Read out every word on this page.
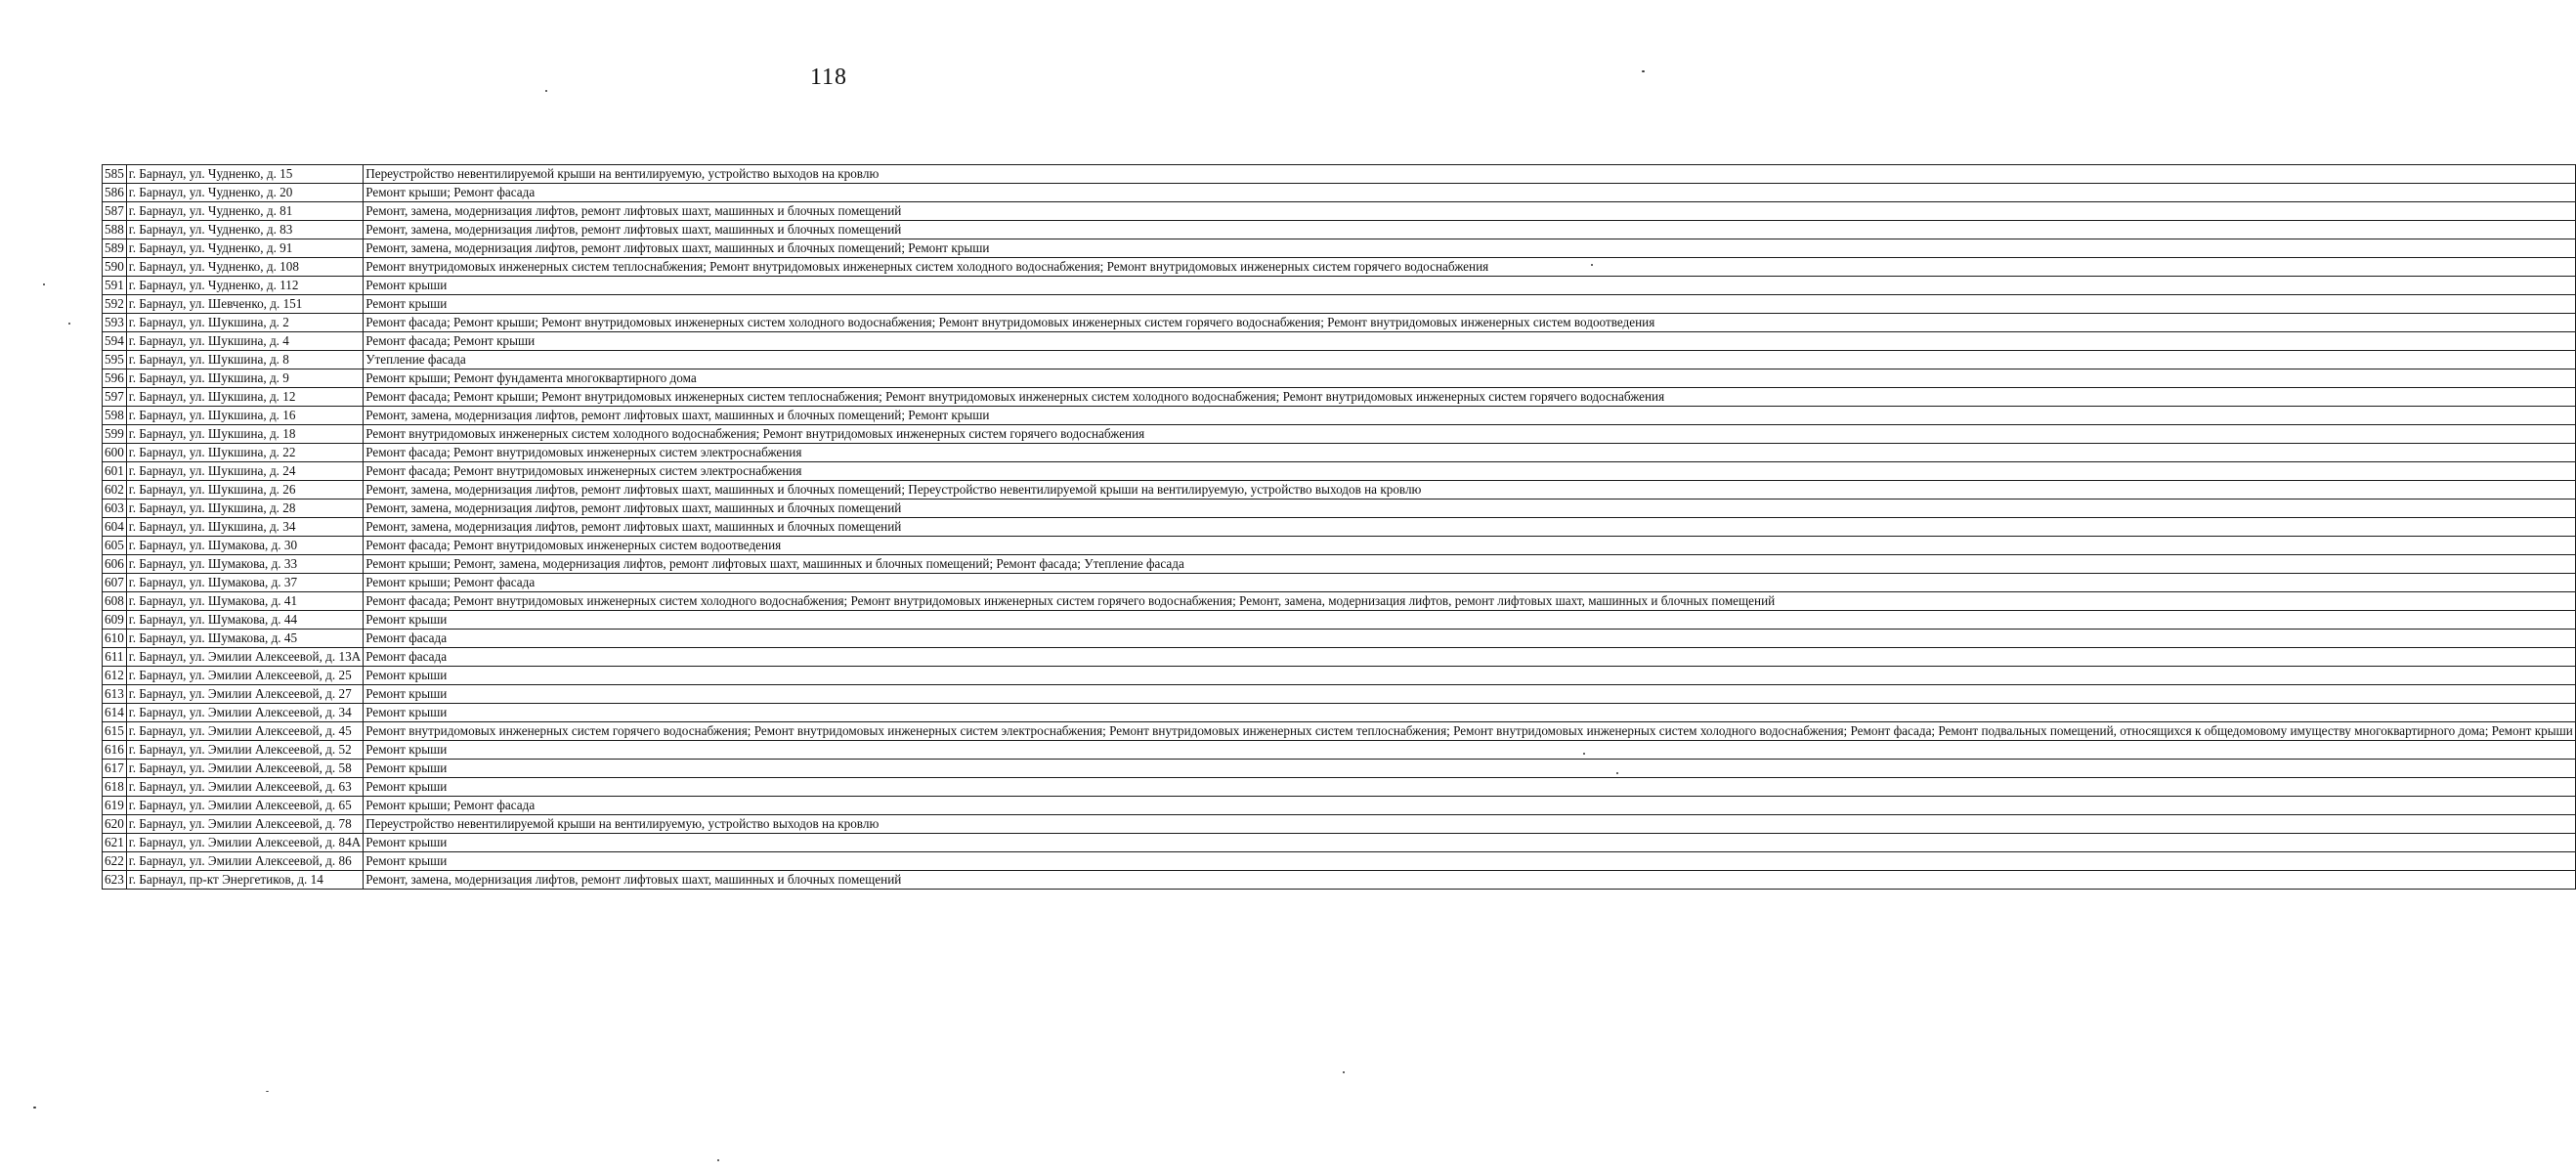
118
585	г. Барнаул, ул. Чудненко, д. 15	Переустройство невентилируемой крыши на вентилируемую, устройство выходов на кровлю
586	г. Барнаул, ул. Чудненко, д. 20	Ремонт крыши; Ремонт фасада
587	г. Барнаул, ул. Чудненко, д. 81	Ремонт, замена, модернизация лифтов, ремонт лифтовых шахт, машинных и блочных помещений
588	г. Барнаул, ул. Чудненко, д. 83	Ремонт, замена, модернизация лифтов, ремонт лифтовых шахт, машинных и блочных помещений
589	г. Барнаул, ул. Чудненко, д. 91	Ремонт, замена, модернизация лифтов, ремонт лифтовых шахт, машинных и блочных помещений; Ремонт крыши
590	г. Барнаул, ул. Чудненко, д. 108	Ремонт внутридомовых инженерных систем теплоснабжения; Ремонт внутридомовых инженерных систем холодного водоснабжения; Ремонт внутридомовых инженерных систем горячего водоснабжения
591	г. Барнаул, ул. Чудненко, д. 112	Ремонт крыши
592	г. Барнаул, ул. Шевченко, д. 151	Ремонт крыши
593	г. Барнаул, ул. Шукшина, д. 2	Ремонт фасада; Ремонт крыши; Ремонт внутридомовых инженерных систем холодного водоснабжения; Ремонт внутридомовых инженерных систем горячего водоснабжения; Ремонт внутридомовых инженерных систем водоотведения
594	г. Барнаул, ул. Шукшина, д. 4	Ремонт фасада; Ремонт крыши
595	г. Барнаул, ул. Шукшина, д. 8	Утепление фасада
596	г. Барнаул, ул. Шукшина, д. 9	Ремонт крыши; Ремонт фундамента многоквартирного дома
597	г. Барнаул, ул. Шукшина, д. 12	Ремонт фасада; Ремонт крыши; Ремонт внутридомовых инженерных систем теплоснабжения; Ремонт внутридомовых инженерных систем холодного водоснабжения; Ремонт внутридомовых инженерных систем горячего водоснабжения
598	г. Барнаул, ул. Шукшина, д. 16	Ремонт, замена, модернизация лифтов, ремонт лифтовых шахт, машинных и блочных помещений; Ремонт крыши
599	г. Барнаул, ул. Шукшина, д. 18	Ремонт внутридомовых инженерных систем холодного водоснабжения; Ремонт внутридомовых инженерных систем горячего водоснабжения
600	г. Барнаул, ул. Шукшина, д. 22	Ремонт фасада; Ремонт внутридомовых инженерных систем электроснабжения
601	г. Барнаул, ул. Шукшина, д. 24	Ремонт фасада; Ремонт внутридомовых инженерных систем электроснабжения
602	г. Барнаул, ул. Шукшина, д. 26	Ремонт, замена, модернизация лифтов, ремонт лифтовых шахт, машинных и блочных помещений; Переустройство невентилируемой крыши на вентилируемую, устройство выходов на кровлю
603	г. Барнаул, ул. Шукшина, д. 28	Ремонт, замена, модернизация лифтов, ремонт лифтовых шахт, машинных и блочных помещений
604	г. Барнаул, ул. Шукшина, д. 34	Ремонт, замена, модернизация лифтов, ремонт лифтовых шахт, машинных и блочных помещений
605	г. Барнаул, ул. Шумакова, д. 30	Ремонт фасада; Ремонт внутридомовых инженерных систем водоотведения
606	г. Барнаул, ул. Шумакова, д. 33	Ремонт крыши; Ремонт, замена, модернизация лифтов, ремонт лифтовых шахт, машинных и блочных помещений; Ремонт фасада; Утепление фасада
607	г. Барнаул, ул. Шумакова, д. 37	Ремонт крыши; Ремонт фасада
608	г. Барнаул, ул. Шумакова, д. 41	Ремонт фасада; Ремонт внутридомовых инженерных систем холодного водоснабжения; Ремонт внутридомовых инженерных систем горячего водоснабжения; Ремонт, замена, модернизация лифтов, ремонт лифтовых шахт, машинных и блочных помещений
609	г. Барнаул, ул. Шумакова, д. 44	Ремонт крыши
610	г. Барнаул, ул. Шумакова, д. 45	Ремонт фасада
611	г. Барнаул, ул. Эмилии Алексеевой, д. 13А	Ремонт фасада
612	г. Барнаул, ул. Эмилии Алексеевой, д. 25	Ремонт крыши
613	г. Барнаул, ул. Эмилии Алексеевой, д. 27	Ремонт крыши
614	г. Барнаул, ул. Эмилии Алексеевой, д. 34	Ремонт крыши
615	г. Барнаул, ул. Эмилии Алексеевой, д. 45	Ремонт внутридомовых инженерных систем горячего водоснабжения; Ремонт внутридомовых инженерных систем электроснабжения; Ремонт внутридомовых инженерных систем теплоснабжения; Ремонт внутридомовых инженерных систем холодного водоснабжения; Ремонт фасада; Ремонт подвальных помещений, относящихся к общедомовому имуществу многоквартирного дома; Ремонт крыши
616	г. Барнаул, ул. Эмилии Алексеевой, д. 52	Ремонт крыши
617	г. Барнаул, ул. Эмилии Алексеевой, д. 58	Ремонт крыши
618	г. Барнаул, ул. Эмилии Алексеевой, д. 63	Ремонт крыши
619	г. Барнаул, ул. Эмилии Алексеевой, д. 65	Ремонт крыши; Ремонт фасада
620	г. Барнаул, ул. Эмилии Алексеевой, д. 78	Переустройство невентилируемой крыши на вентилируемую, устройство выходов на кровлю
621	г. Барнаул, ул. Эмилии Алексеевой, д. 84А	Ремонт крыши
622	г. Барнаул, ул. Эмилии Алексеевой, д. 86	Ремонт крыши
623	г. Барнаул, пр-кт Энергетиков, д. 14	Ремонт, замена, модернизация лифтов, ремонт лифтовых шахт, машинных и блочных помещений
